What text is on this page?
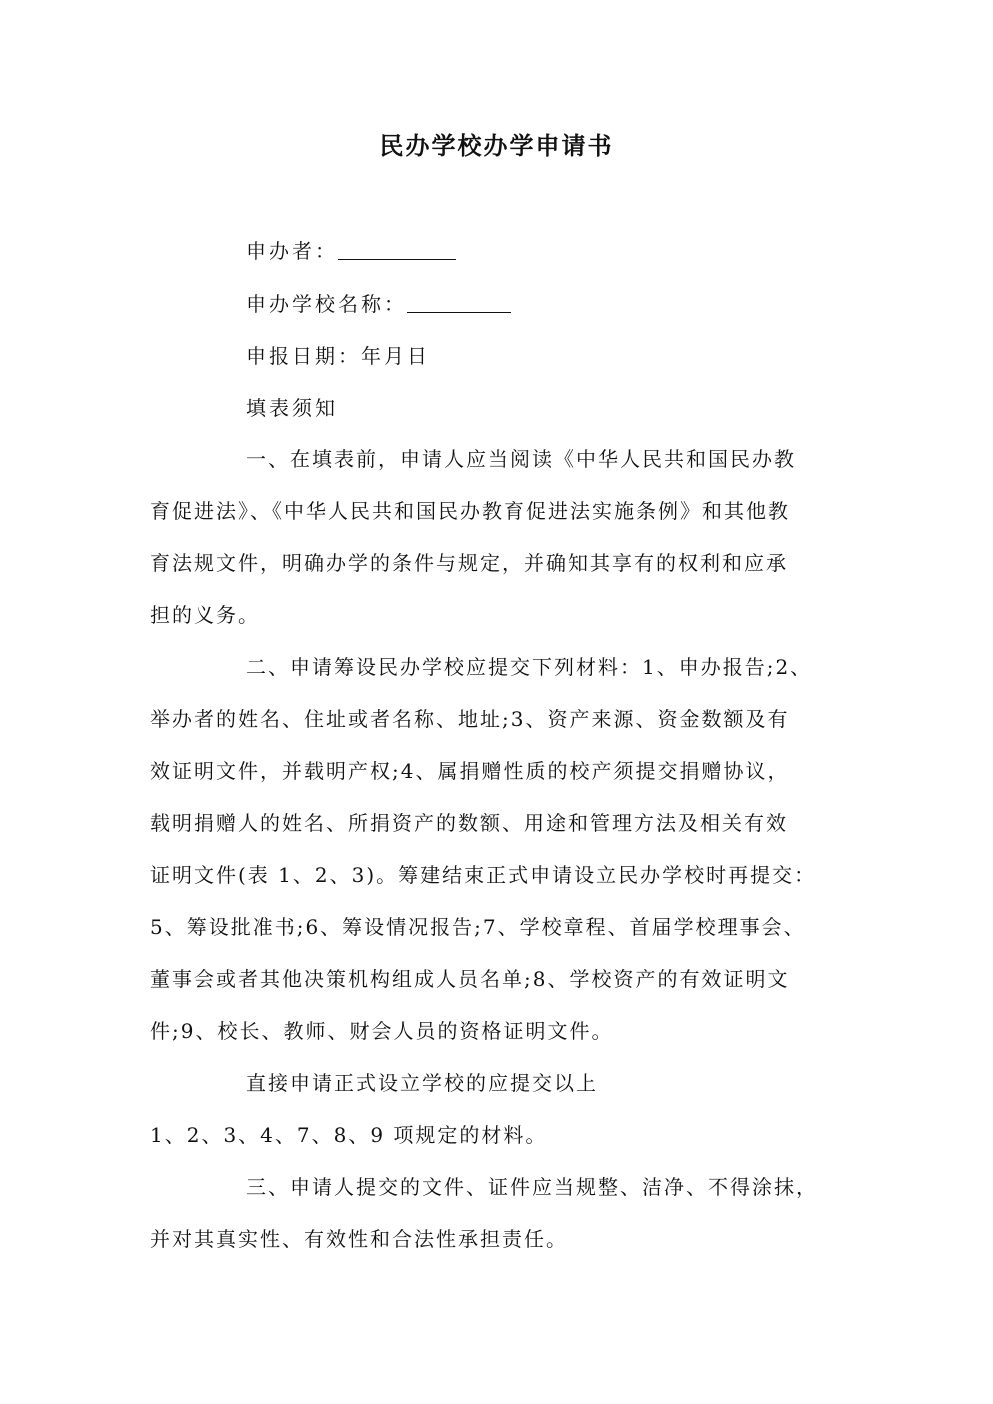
民办学校办学申请书
申办者：
申办学校名称：
申报日期：年月日
填表须知
一、在填表前，申请人应当阅读《中华人民共和国民办教
育促进法》、《中华人民共和国民办教育促进法实施条例》和其他教
育法规文件，明确办学的条件与规定，并确知其享有的权利和应承
担的义务。
二、申请筹设民办学校应提交下列材料：1、申办报告;2、
举办者的姓名、住址或者名称、地址;3、资产来源、资金数额及有
效证明文件，并载明产权;4、属捐赠性质的校产须提交捐赠协议，
载明捐赠人的姓名、所捐资产的数额、用途和管理方法及相关有效
证明文件(表 1、2、3)。筹建结束正式申请设立民办学校时再提交：
5、筹设批准书;6、筹设情况报告;7、学校章程、首届学校理事会、
董事会或者其他决策机构组成人员名单;8、学校资产的有效证明文
件;9、校长、教师、财会人员的资格证明文件。
直接申请正式设立学校的应提交以上
1、2、3、4、7、8、9 项规定的材料。
三、申请人提交的文件、证件应当规整、洁净、不得涂抹，
并对其真实性、有效性和合法性承担责任。
